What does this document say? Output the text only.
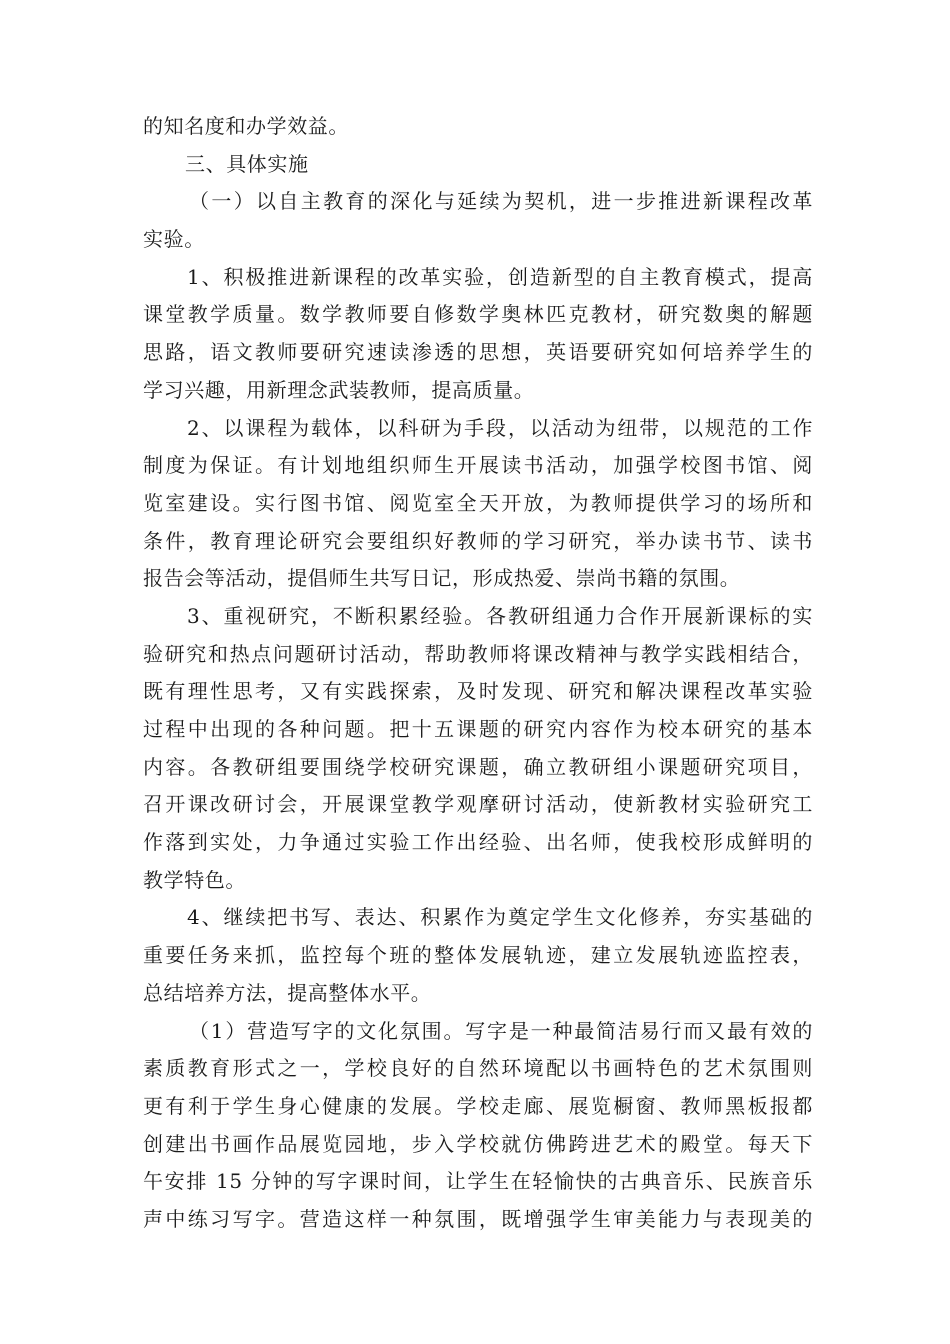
的知名度和办学效益。
三、具体实施
（一）以自主教育的深化与延续为契机，进一步推进新课程改革
实验。
1、积极推进新课程的改革实验，创造新型的自主教育模式，提高
课堂教学质量。数学教师要自修数学奥林匹克教材，研究数奥的解题
思路，语文教师要研究速读渗透的思想，英语要研究如何培养学生的
学习兴趣，用新理念武装教师，提高质量。
2、以课程为载体，以科研为手段，以活动为纽带，以规范的工作
制度为保证。有计划地组织师生开展读书活动，加强学校图书馆、阅
览室建设。实行图书馆、阅览室全天开放，为教师提供学习的场所和
条件，教育理论研究会要组织好教师的学习研究，举办读书节、读书
报告会等活动，提倡师生共写日记，形成热爱、崇尚书籍的氛围。
3、重视研究，不断积累经验。各教研组通力合作开展新课标的实
验研究和热点问题研讨活动，帮助教师将课改精神与教学实践相结合，
既有理性思考，又有实践探索，及时发现、研究和解决课程改革实验
过程中出现的各种问题。把十五课题的研究内容作为校本研究的基本
内容。各教研组要围绕学校研究课题，确立教研组小课题研究项目，
召开课改研讨会，开展课堂教学观摩研讨活动，使新教材实验研究工
作落到实处，力争通过实验工作出经验、出名师，使我校形成鲜明的
教学特色。
4、继续把书写、表达、积累作为奠定学生文化修养，夯实基础的
重要任务来抓，监控每个班的整体发展轨迹，建立发展轨迹监控表，
总结培养方法，提高整体水平。
（1）营造写字的文化氛围。写字是一种最简洁易行而又最有效的
素质教育形式之一，学校良好的自然环境配以书画特色的艺术氛围则
更有利于学生身心健康的发展。学校走廊、展览橱窗、教师黑板报都
创建出书画作品展览园地，步入学校就仿佛跨进艺术的殿堂。每天下
午安排 15 分钟的写字课时间，让学生在轻愉快的古典音乐、民族音乐
声中练习写字。营造这样一种氛围，既增强学生审美能力与表现美的
